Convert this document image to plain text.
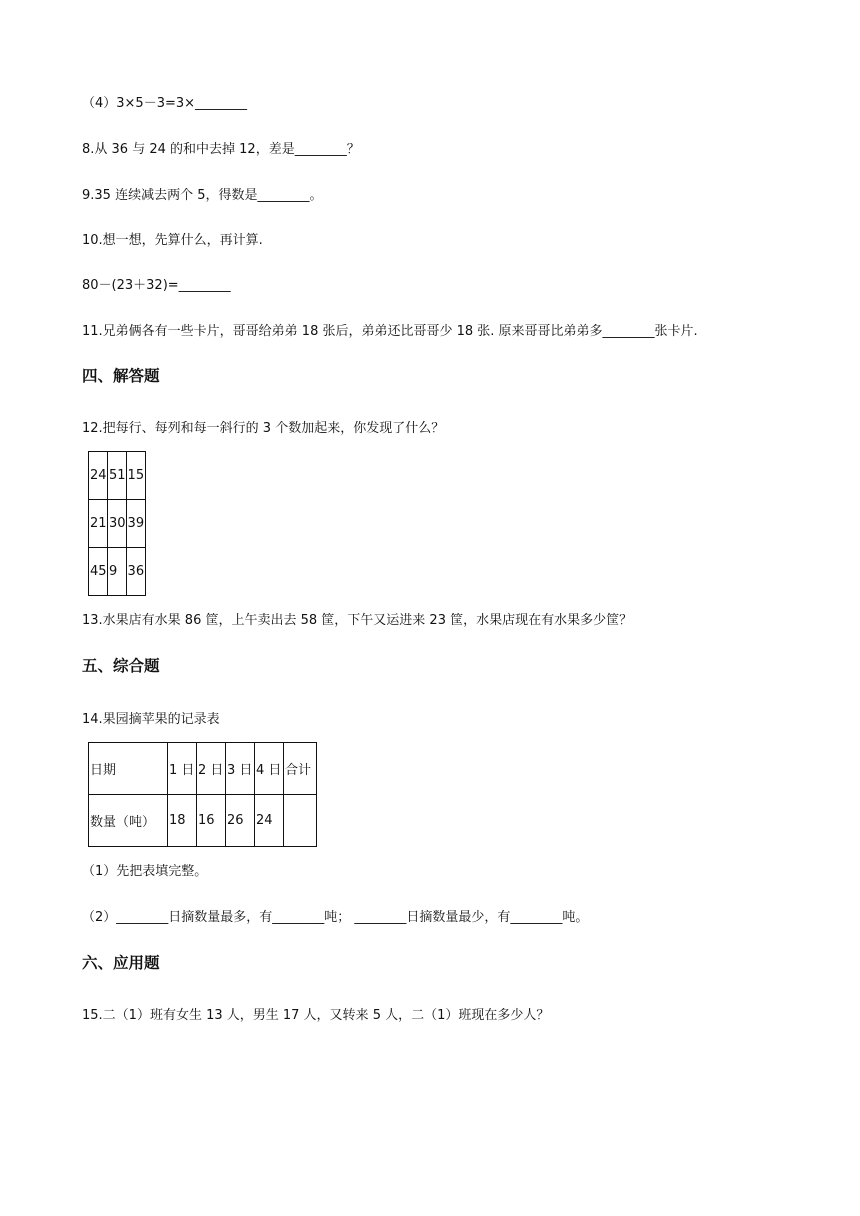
（4）3×5－3=3×________
8.从 36 与 24 的和中去掉 12，差是________？
9.35 连续减去两个 5，得数是________。
10.想一想，先算什么，再计算.
80－(23＋32)=________
11.兄弟俩各有一些卡片，哥哥给弟弟 18 张后，弟弟还比哥哥少 18 张. 原来哥哥比弟弟多________张卡片.
四、解答题
12.把每行、每列和每一斜行的 3 个数加起来，你发现了什么？
24	51	15
21	30	39
45	9	36
13.水果店有水果 86 筐，上午卖出去 58 筐，下午又运进来 23 筐，水果店现在有水果多少筐？
五、综合题
14.果园摘苹果的记录表
日期	1 日	2 日	3 日	4 日	合计
数量（吨）	18	16	26	24	
（1）先把表填完整。
（2）________日摘数量最多，有________吨； ________日摘数量最少，有________吨。
六、应用题
15.二（1）班有女生 13 人，男生 17 人，又转来 5 人，二（1）班现在多少人？
